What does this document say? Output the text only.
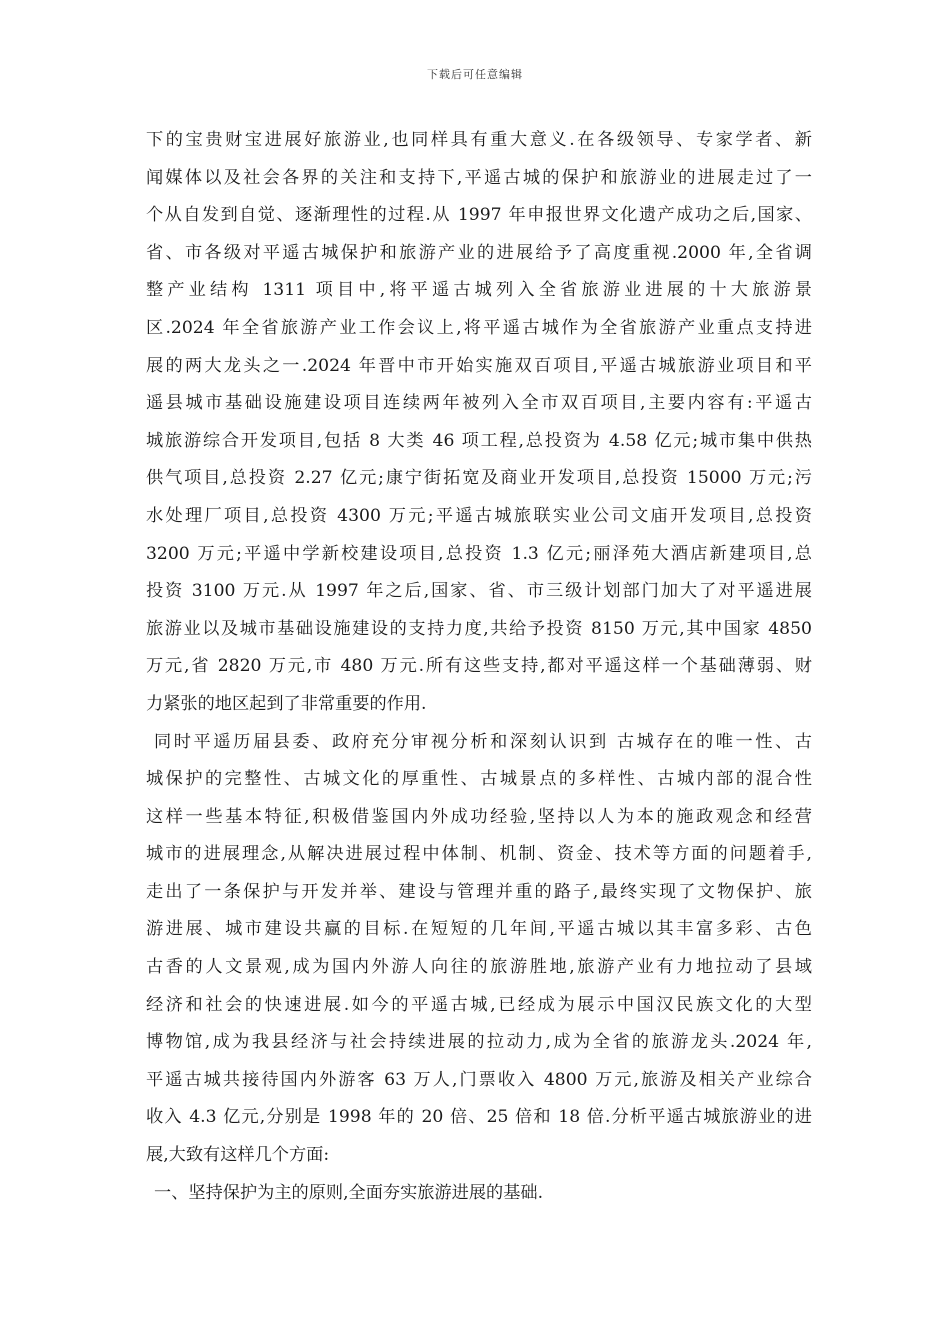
下载后可任意编辑
下的宝贵财宝进展好旅游业,也同样具有重大意义.在各级领导、专家学者、新
闻媒体以及社会各界的关注和支持下,平遥古城的保护和旅游业的进展走过了一
个从自发到自觉、逐渐理性的过程.从 1997 年申报世界文化遗产成功之后,国家、
省、市各级对平遥古城保护和旅游产业的进展给予了高度重视.2000 年,全省调
整产业结构 1311 项目中,将平遥古城列入全省旅游业进展的十大旅游景
区.2024 年全省旅游产业工作会议上,将平遥古城作为全省旅游产业重点支持进
展的两大龙头之一.2024 年晋中市开始实施双百项目,平遥古城旅游业项目和平
遥县城市基础设施建设项目连续两年被列入全市双百项目,主要内容有:平遥古
城旅游综合开发项目,包括 8 大类 46 项工程,总投资为 4.58 亿元;城市集中供热
供气项目,总投资 2.27 亿元;康宁街拓宽及商业开发项目,总投资 15000 万元;污
水处理厂项目,总投资 4300 万元;平遥古城旅联实业公司文庙开发项目,总投资
3200 万元;平遥中学新校建设项目,总投资 1.3 亿元;丽泽苑大酒店新建项目,总
投资 3100 万元.从 1997 年之后,国家、省、市三级计划部门加大了对平遥进展
旅游业以及城市基础设施建设的支持力度,共给予投资 8150 万元,其中国家 4850
万元,省 2820 万元,市 480 万元.所有这些支持,都对平遥这样一个基础薄弱、财
力紧张的地区起到了非常重要的作用.
同时平遥历届县委、政府充分审视分析和深刻认识到 古城存在的唯一性、古
城保护的完整性、古城文化的厚重性、古城景点的多样性、古城内部的混合性
这样一些基本特征,积极借鉴国内外成功经验,坚持以人为本的施政观念和经营
城市的进展理念,从解决进展过程中体制、机制、资金、技术等方面的问题着手,
走出了一条保护与开发并举、建设与管理并重的路子,最终实现了文物保护、旅
游进展、城市建设共赢的目标.在短短的几年间,平遥古城以其丰富多彩、古色
古香的人文景观,成为国内外游人向往的旅游胜地,旅游产业有力地拉动了县域
经济和社会的快速进展.如今的平遥古城,已经成为展示中国汉民族文化的大型
博物馆,成为我县经济与社会持续进展的拉动力,成为全省的旅游龙头.2024 年,
平遥古城共接待国内外游客 63 万人,门票收入 4800 万元,旅游及相关产业综合
收入 4.3 亿元,分别是 1998 年的 20 倍、25 倍和 18 倍.分析平遥古城旅游业的进
展,大致有这样几个方面:
一、坚持保护为主的原则,全面夯实旅游进展的基础.
